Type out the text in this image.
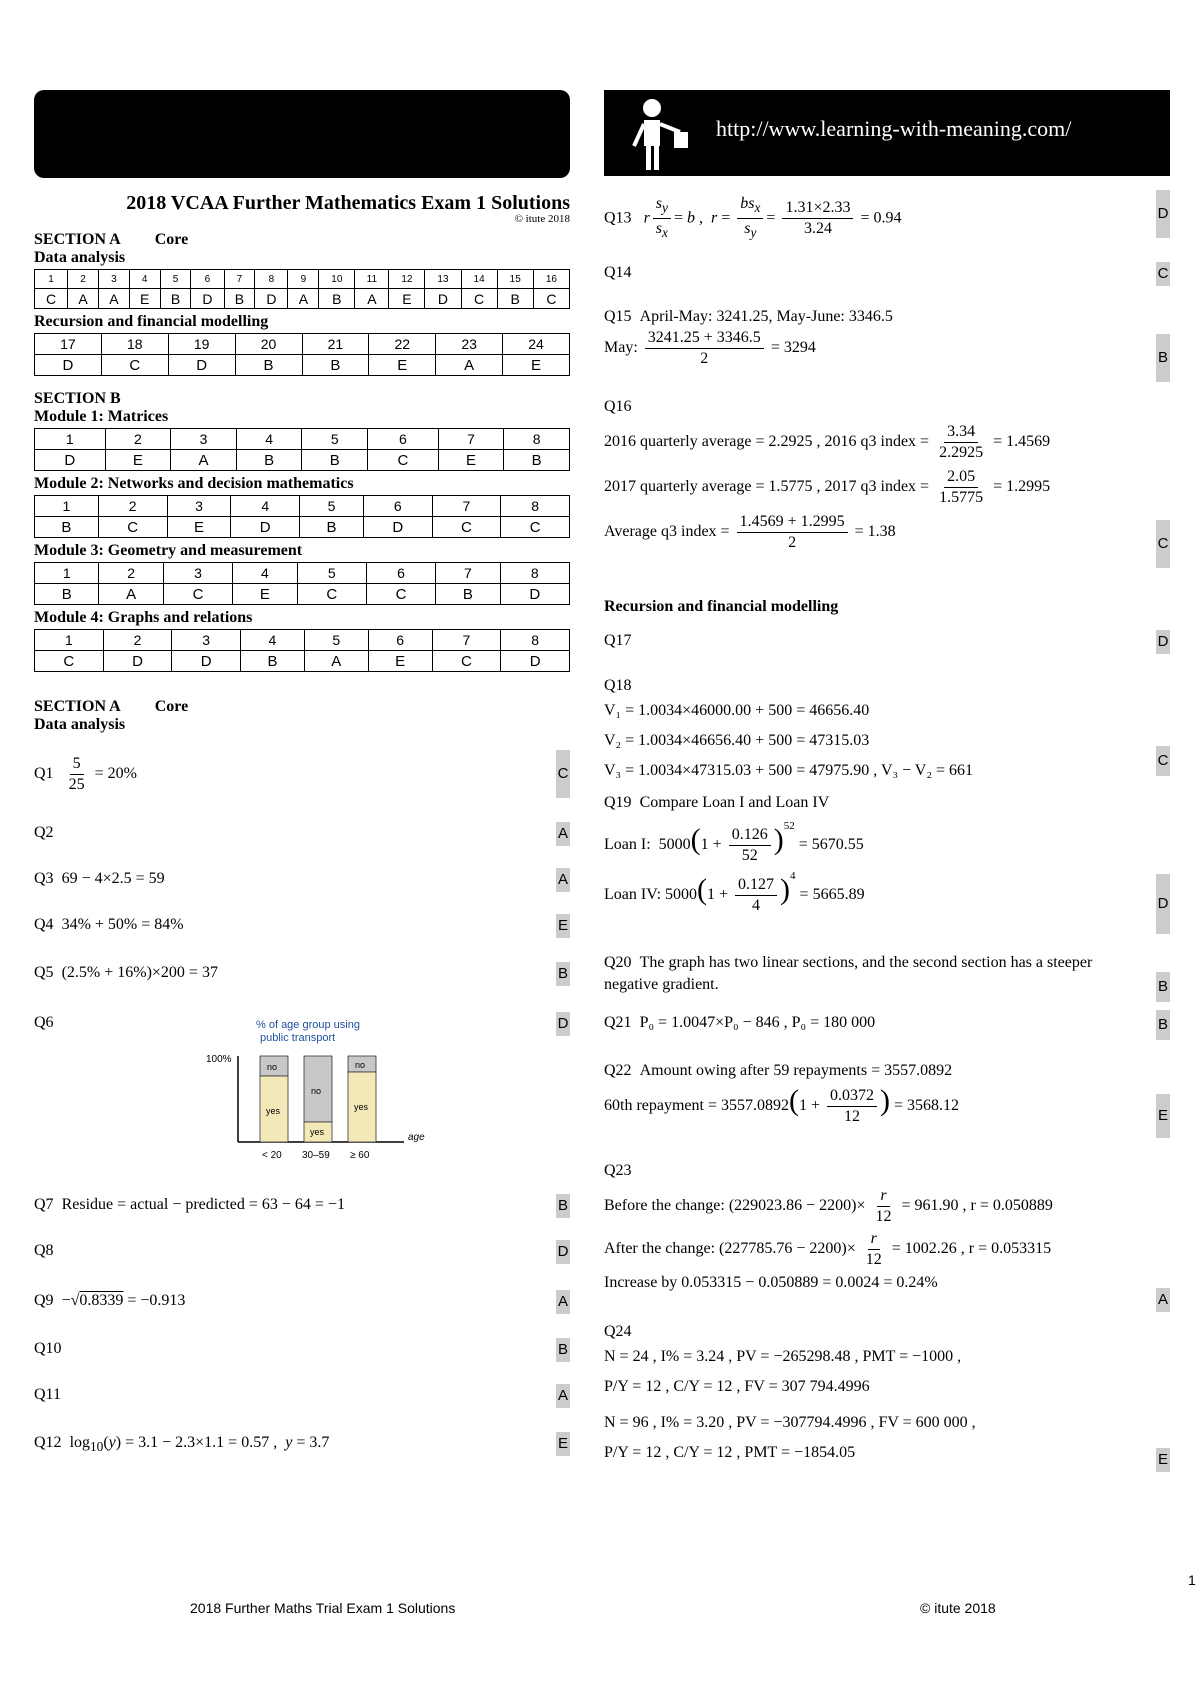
2018 VCAA Further Mathematics Exam 1 Solutions
© itute 2018
SECTION A Core
Data analysis
1	2	3	4	5	6	7	8	9	10	11	12	13	14	15	16
C	A	A	E	B	D	B	D	A	B	A	E	D	C	B	C
Recursion and financial modelling
17	18	19	20	21	22	23	24
D	C	D	B	B	E	A	E
SECTION B
Module 1: Matrices
1	2	3	4	5	6	7	8
D	E	A	B	B	C	E	B
Module 2: Networks and decision mathematics
1	2	3	4	5	6	7	8
B	C	E	D	B	D	C	C
Module 3: Geometry and measurement
1	2	3	4	5	6	7	8
B	A	C	E	C	C	B	D
Module 4: Graphs and relations
1	2	3	4	5	6	7	8
C	D	D	B	A	E	C	D
SECTION A Core
Data analysis
$Q1 \frac{5}{25} = 20\%$	C
Q2	A
Q3 69 − 4×2.5 = 59	A
Q4 34% + 50% = 84%	E
Q5 (2.5% + 16%)×200 = 37	B
Q6	D
% of age group using
public transport
100%
age
no
yes
no
yes
no
yes
< 20 30–59 ≥ 60
Q7 Residue = actual − predicted = 63 − 64 = −1	B
Q8	D
Q9 −√0.8339 = −0.913	A
Q10	B
Q11	A
Q12 $\log_{10}(y) = 3.1 - 2.3\times 1.1 = 0.57$ ,  y = 3.7	E
http://www.learning-with-meaning.com/
Q13 r $\frac{s_y}{s_x} = b$ ,  $r = \frac{bs_x}{s_y} = \frac{1.31\times 2.33}{3.24} = 0.94$	D
Q14	C
Q15 April-May: 3241.25, May-June: 3346.5
May: $\frac{3241.25 + 3346.5}{2} = 3294$
B
Q16
2016 quarterly average = 2.2925 , 2016 q3 index = $\frac{3.34}{2.2925} = 1.4569$
2017 quarterly average = 1.5775 , 2017 q3 index = $\frac{2.05}{1.5775} = 1.2995$
Average q3 index = $\frac{1.4569 + 1.2995}{2} = 1.38$
C
Recursion and financial modelling
Q17	D
Q18
V₁ = 1.0034×46000.00 + 500 = 46656.40
V₂ = 1.0034×46656.40 + 500 = 47315.03
V₃ = 1.0034×47315.03 + 500 = 47975.90 , V₃ − V₂ = 661
C
Q19 Compare Loan I and Loan IV
Loan I: $5000(1 + \frac{0.126}{52} )^{52} = 5670.55$
Loan IV: $5000(1 + \frac{0.127}{4} )^4 = 5665.89$
D
Q20 The graph has two linear sections, and the second section has a steeper negative gradient.	B
Q21 P₀ = 1.0047×P₀ − 846 , P₀ = 180 000	B
Q22 Amount owing after 59 repayments = 3557.0892
60th repayment = $3557.0892(1 + \frac{0.0372}{12}$ ) = 3568.12
E
Q23
Before the change: $(229023.86 - 2200)\times \frac{r}{12} = 961.90$ , r = 0.050889
After the change: $(227785.76 - 2200)\times \frac{r}{12} = 1002.26$ , r = 0.053315
Increase by 0.053315 − 0.050889 = 0.0024 = 0.24%
A
Q24
N = 24 , I% = 3.24 , PV = −265298.48 , PMT = −1000 ,
P/Y = 12 , C/Y = 12 , FV = 307 794.4996
N = 96 , I% = 3.20 , PV = −307794.4996 , FV = 600 000 ,
P/Y = 12 , C/Y = 12 , PMT = −1854.05	E
1
2018 Further Maths Trial Exam 1 Solutions	© itute 2018
